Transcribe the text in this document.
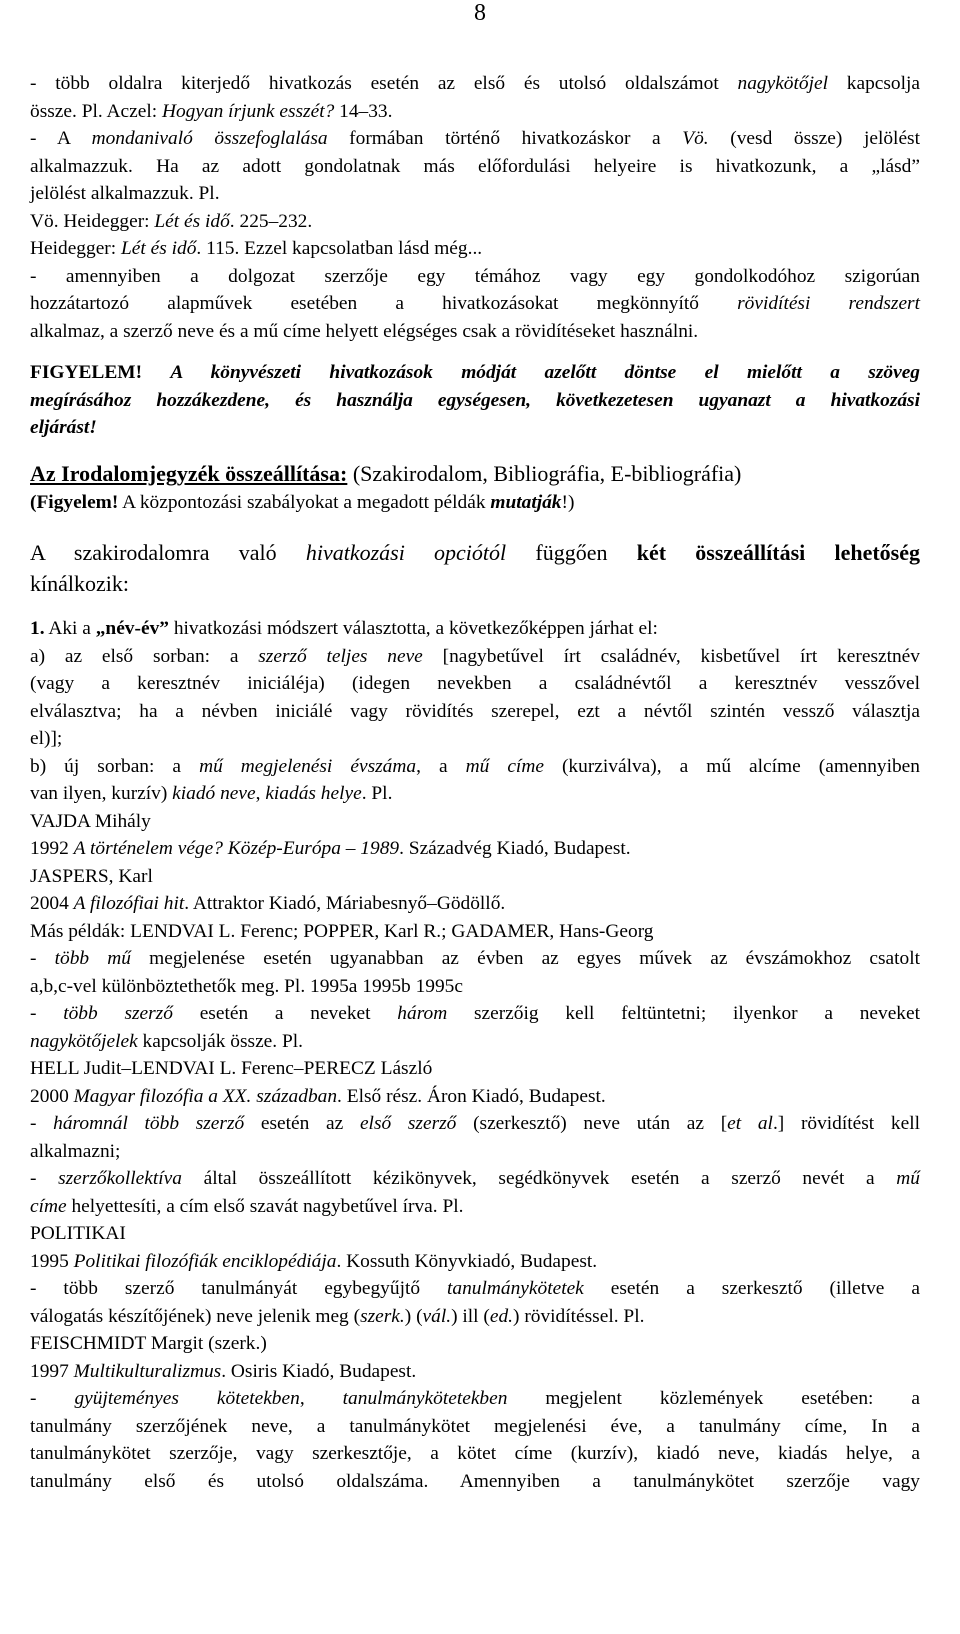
8
- több oldalra kiterjedő hivatkozás esetén az első és utolsó oldalszámot nagykötőjel kapcsolja
össze. Pl. Aczel: Hogyan írjunk esszét? 14–33.
- A mondanivaló összefoglalása formában történő hivatkozáskor a Vö. (vesd össze) jelölést
alkalmazzuk. Ha az adott gondolatnak más előfordulási helyeire is hivatkozunk, a „lásd”
jelölést alkalmazzuk. Pl.
Vö. Heidegger: Lét és idő. 225–232.
Heidegger: Lét és idő. 115. Ezzel kapcsolatban lásd még...
- amennyiben a dolgozat szerzője egy témához vagy egy gondolkodóhoz szigorúan
hozzátartozó alapművek esetében a hivatkozásokat megkönnyítő rövidítési rendszert
alkalmaz, a szerző neve és a mű címe helyett elégséges csak a rövidítéseket használni.
FIGYELEM! A könyvészeti hivatkozások módját azelőtt döntse el mielőtt a szöveg
megírásához hozzákezdene, és használja egységesen, következetesen ugyanazt a hivatkozási
eljárást!
Az Irodalomjegyzék összeállítása: (Szakirodalom, Bibliográfia, E-bibliográfia)
(Figyelem! A központozási szabályokat a megadott példák mutatják!)
A szakirodalomra való hivatkozási opciótól függően két összeállítási lehetőség
kínálkozik:
1. Aki a „név-év” hivatkozási módszert választotta, a következőképpen járhat el:
a) az első sorban: a szerző teljes neve [nagybetűvel írt családnév, kisbetűvel írt keresztnév
(vagy a keresztnév iniciáléja) (idegen nevekben a családnévtől a keresztnév vesszővel
elválasztva; ha a névben iniciálé vagy rövidítés szerepel, ezt a névtől szintén vessző választja
el)];
b) új sorban: a mű megjelenési évszáma, a mű címe (kurziválva), a mű alcíme (amennyiben
van ilyen, kurzív) kiadó neve, kiadás helye. Pl.
VAJDA Mihály
1992 A történelem vége? Közép-Európa – 1989. Századvég Kiadó, Budapest.
JASPERS, Karl
2004 A filozófiai hit. Attraktor Kiadó, Máriabesnyő–Gödöllő.
Más példák: LENDVAI L. Ferenc; POPPER, Karl R.; GADAMER, Hans-Georg
- több mű megjelenése esetén ugyanabban az évben az egyes művek az évszámokhoz csatolt
a,b,c-vel különböztethetők meg. Pl. 1995a 1995b 1995c
- több szerző esetén a neveket három szerzőig kell feltüntetni; ilyenkor a neveket
nagykötőjelek kapcsolják össze. Pl.
HELL Judit–LENDVAI L. Ferenc–PERECZ László
2000 Magyar filozófia a XX. században. Első rész. Áron Kiadó, Budapest.
- háromnál több szerző esetén az első szerző (szerkesztő) neve után az [et al.] rövidítést kell
alkalmazni;
- szerzőkollektíva által összeállított kézikönyvek, segédkönyvek esetén a szerző nevét a mű
címe helyettesíti, a cím első szavát nagybetűvel írva. Pl.
POLITIKAI
1995 Politikai filozófiák enciklopédiája. Kossuth Könyvkiadó, Budapest.
- több szerző tanulmányát egybegyűjtő tanulmánykötetek esetén a szerkesztő (illetve a
válogatás készítőjének) neve jelenik meg (szerk.) (vál.) ill (ed.) rövidítéssel. Pl.
FEISCHMIDT Margit (szerk.)
1997 Multikulturalizmus. Osiris Kiadó, Budapest.
- gyüjteményes kötetekben, tanulmánykötetekben megjelent közlemények esetében: a
tanulmány szerzőjének neve, a tanulmánykötet megjelenési éve, a tanulmány címe, In a
tanulmánykötet szerzője, vagy szerkesztője, a kötet címe (kurzív), kiadó neve, kiadás helye, a
tanulmány első és utolsó oldalszáma. Amennyiben a tanulmánykötet szerzője vagy
